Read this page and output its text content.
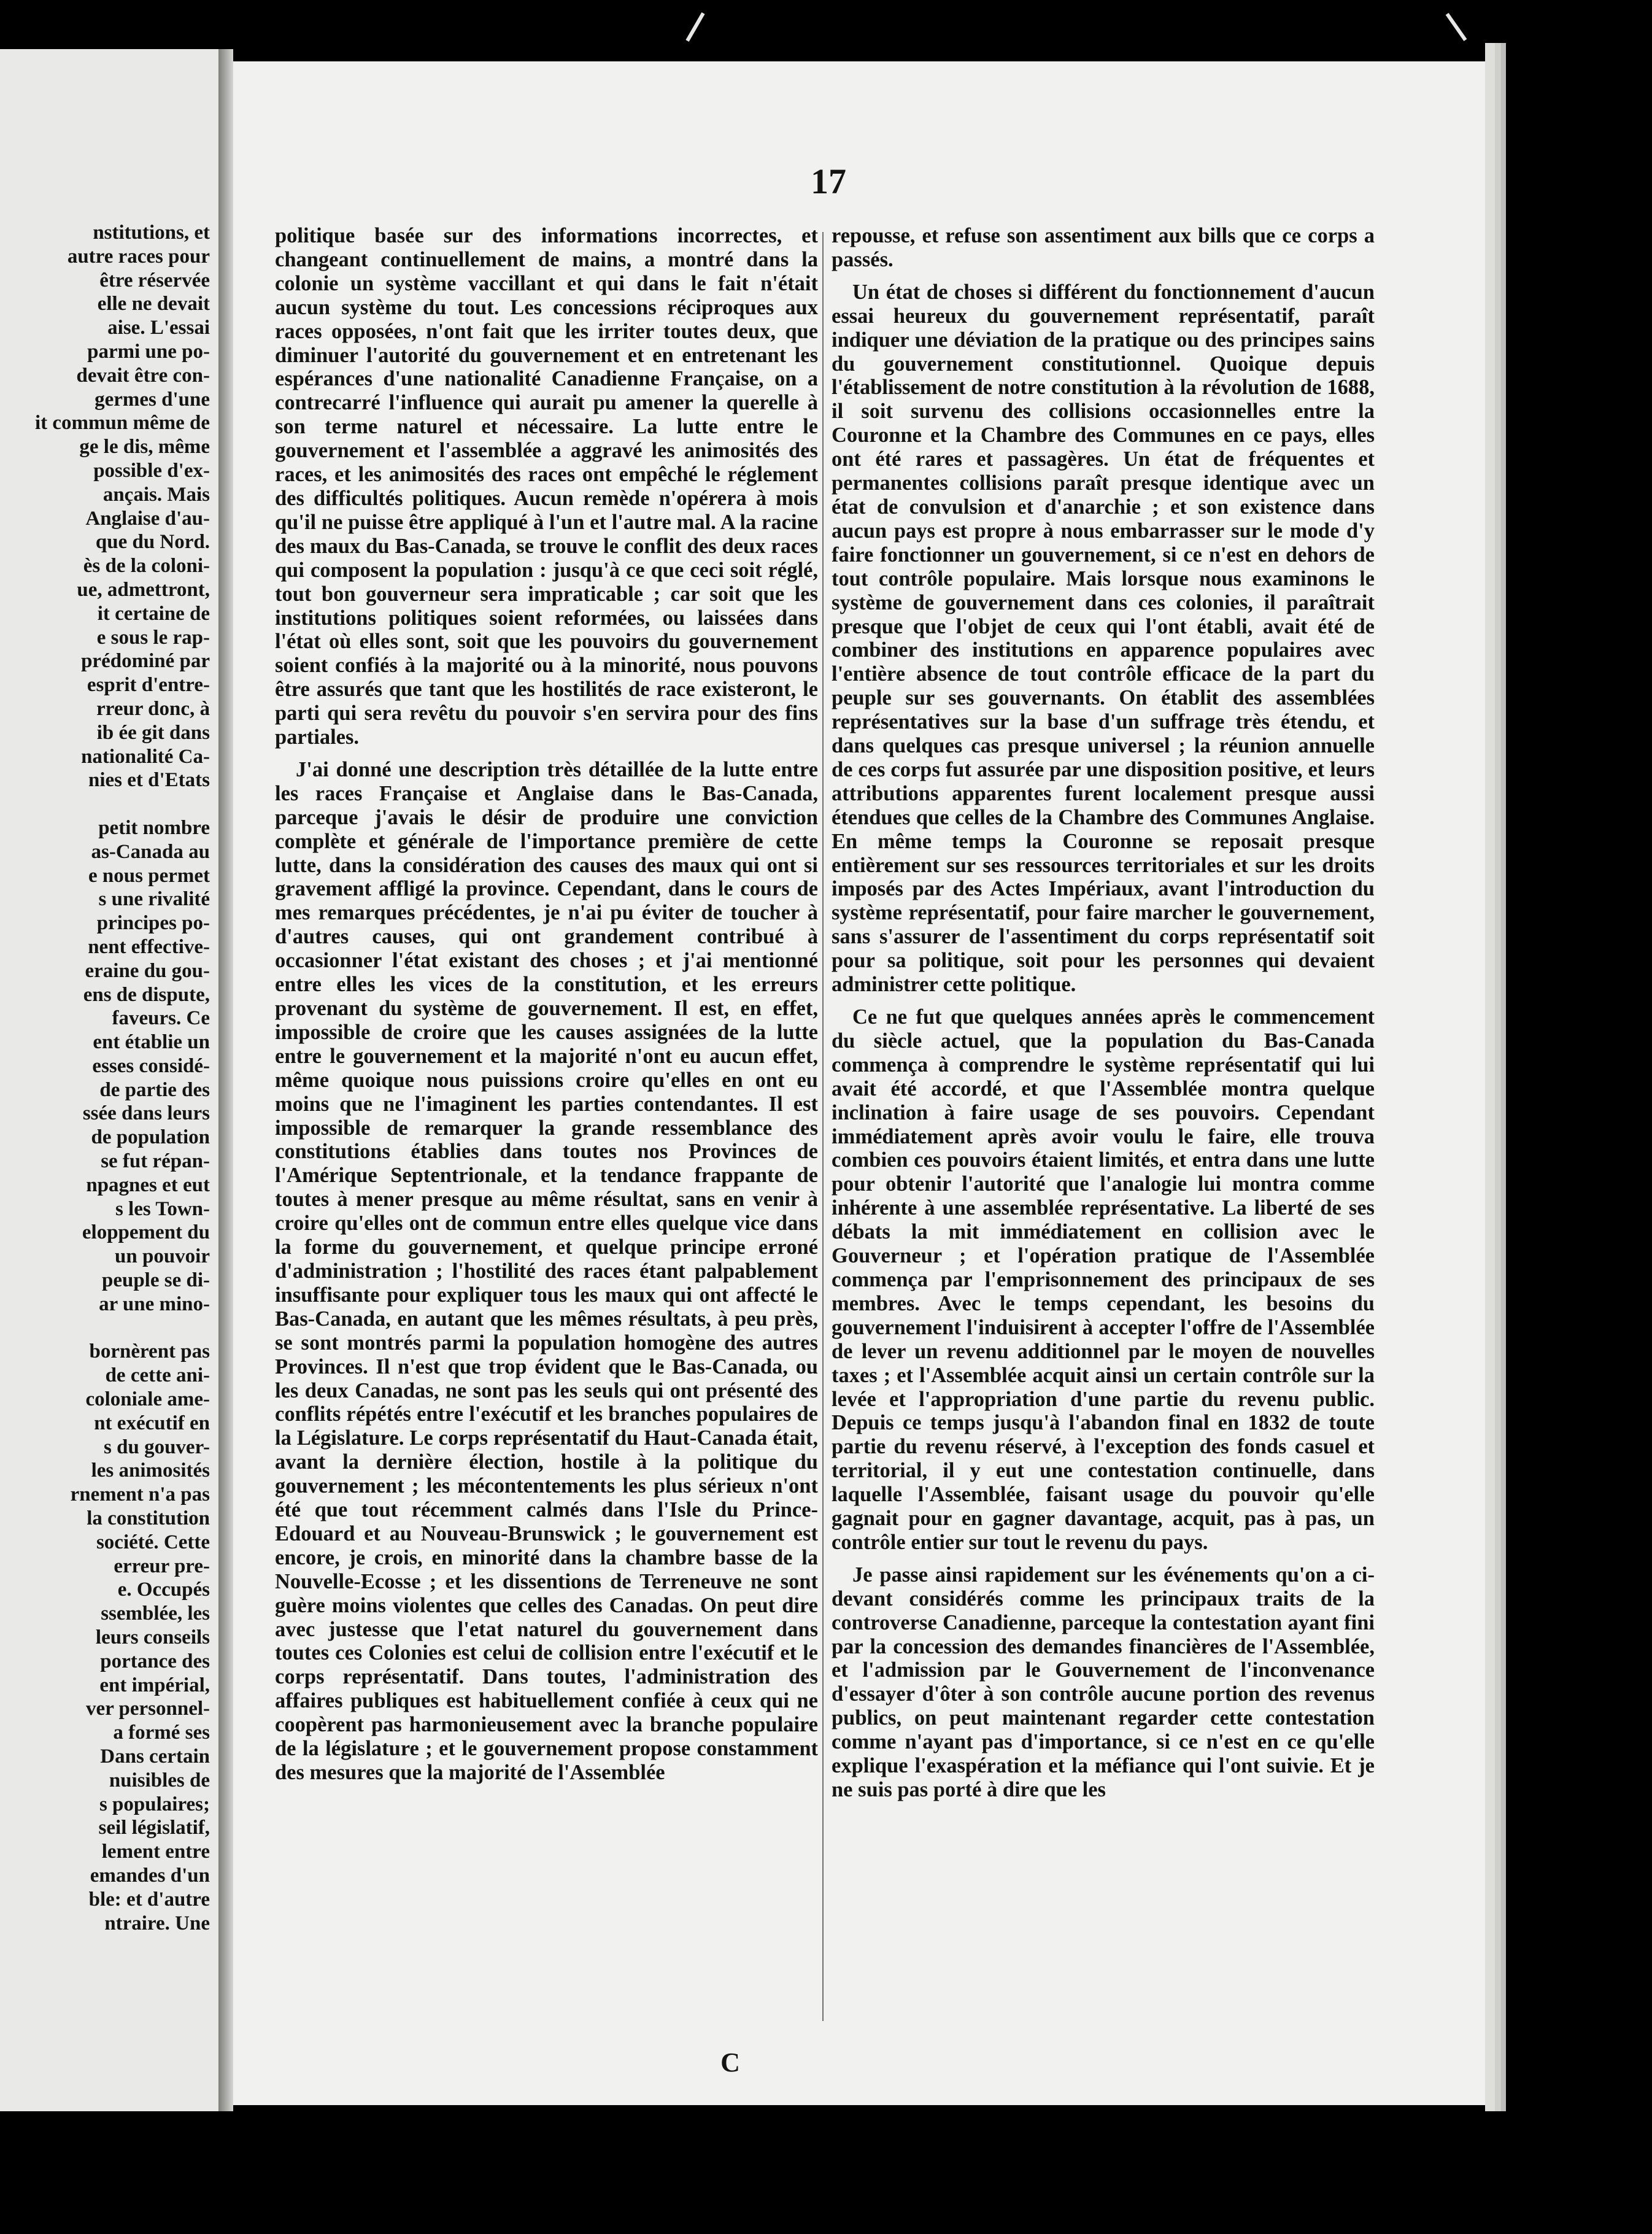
nstitutions, et
autre races pour
être réservée
elle ne devait
aise. L'essai
parmi une po-
devait être con-
germes d'une
it commun même de
ge le dis, même
possible d'ex-
ançais. Mais
Anglaise d'au-
que du Nord.
ès de la coloni-
ue, admettront,
it certaine de
e sous le rap-
prédominé par
esprit d'entre-
rreur donc, à
ib ée git dans
nationalité Ca-
nies et d'Etats

petit nombre
as-Canada au
e nous permet
s une rivalité
principes po-
nent effective-
eraine du gou-
ens de dispute,
faveurs. Ce
ent établie un
esses considé-
de partie des
ssée dans leurs
de population
se fut répan-
npagnes et eut
s les Town-
eloppement du
un pouvoir
peuple se di-
ar une mino-

bornèrent pas
de cette ani-
coloniale ame-
nt exécutif en
s du gouver-
les animosités
rnement n'a pas
la constitution
société. Cette
erreur pre-
e. Occupés
ssemblée, les
leurs conseils
portance des
ent impérial,
ver personnel-
a formé ses
Dans certain
nuisibles de
s populaires;
seil législatif,
lement entre
emandes d'un
ble: et d'autre
ntraire. Une
17

politique basée sur des informations incorrectes, et changeant continuellement de mains, a montré dans la colonie un système vaccillant et qui dans le fait n'était aucun système du tout. Les concessions réciproques aux races opposées, n'ont fait que les irriter toutes deux, que diminuer l'autorité du gouvernement et en entretenant les espérances d'une nationalité Canadienne Française, on a contrecarré l'influence qui aurait pu amener la querelle à son terme naturel et nécessaire. La lutte entre le gouvernement et l'assemblée a aggravé les animosités des races, et les animosités des races ont empêché le réglement des difficultés politiques. Aucun remède n'opérera à mois qu'il ne puisse être appliqué à l'un et l'autre mal. A la racine des maux du Bas-Canada, se trouve le conflit des deux races qui composent la population : jusqu'à ce que ceci soit réglé, tout bon gouverneur sera impraticable ; car soit que les institutions politiques soient reformées, ou laissées dans l'état où elles sont, soit que les pouvoirs du gouvernement soient confiés à la majorité ou à la minorité, nous pouvons être assurés que tant que les hostilités de race existeront, le parti qui sera revêtu du pouvoir s'en servira pour des fins partiales.

J'ai donné une description très détaillée de la lutte entre les races Française et Anglaise dans le Bas-Canada, parceque j'avais le désir de produire une conviction complète et générale de l'importance première de cette lutte, dans la considération des causes des maux qui ont si gravement affligé la province. Cependant, dans le cours de mes remarques précédentes, je n'ai pu éviter de toucher à d'autres causes, qui ont grandement contribué à occasionner l'état existant des choses ; et j'ai mentionné entre elles les vices de la constitution, et les erreurs provenant du système de gouvernement. Il est, en effet, impossible de croire que les causes assignées de la lutte entre le gouvernement et la majorité n'ont eu aucun effet, même quoique nous puissions croire qu'elles en ont eu moins que ne l'imaginent les parties contendantes. Il est impossible de remarquer la grande ressemblance des constitutions établies dans toutes nos Provinces de l'Amérique Septentrionale, et la tendance frappante de toutes à mener presque au même résultat, sans en venir à croire qu'elles ont de commun entre elles quelque vice dans la forme du gouvernement, et quelque principe erroné d'administration ; l'hostilité des races étant palpablement insuffisante pour expliquer tous les maux qui ont affecté le Bas-Canada, en autant que les mêmes résultats, à peu près, se sont montrés parmi la population homogène des autres Provinces. Il n'est que trop évident que le Bas-Canada, ou les deux Canadas, ne sont pas les seuls qui ont présenté des conflits répétés entre l'exécutif et les branches populaires de la Législature. Le corps représentatif du Haut-Canada était, avant la dernière élection, hostile à la politique du gouvernement ; les mécontentements les plus sérieux n'ont été que tout récemment calmés dans l'Isle du Prince-Edouard et au Nouveau-Brunswick ; le gouvernement est encore, je crois, en minorité dans la chambre basse de la Nouvelle-Ecosse ; et les dissentions de Terreneuve ne sont guère moins violentes que celles des Canadas. On peut dire avec justesse que l'etat naturel du gouvernement dans toutes ces Colonies est celui de collision entre l'exécutif et le corps représentatif. Dans toutes, l'administration des affaires publiques est habituellement confiée à ceux qui ne coopèrent pas harmonieusement avec la branche populaire de la législature ; et le gouvernement propose constamment des mesures que la majorité de l'Assemblée

repousse, et refuse son assentiment aux bills que ce corps a passés.

Un état de choses si différent du fonctionnement d'aucun essai heureux du gouvernement représentatif, paraît indiquer une déviation de la pratique ou des principes sains du gouvernement constitutionnel. Quoique depuis l'établissement de notre constitution à la révolution de 1688, il soit survenu des collisions occasionnelles entre la Couronne et la Chambre des Communes en ce pays, elles ont été rares et passagères. Un état de fréquentes et permanentes collisions paraît presque identique avec un état de convulsion et d'anarchie ; et son existence dans aucun pays est propre à nous embarrasser sur le mode d'y faire fonctionner un gouvernement, si ce n'est en dehors de tout contrôle populaire. Mais lorsque nous examinons le système de gouvernement dans ces colonies, il paraîtrait presque que l'objet de ceux qui l'ont établi, avait été de combiner des institutions en apparence populaires avec l'entière absence de tout contrôle efficace de la part du peuple sur ses gouvernants. On établit des assemblées représentatives sur la base d'un suffrage très étendu, et dans quelques cas presque universel ; la réunion annuelle de ces corps fut assurée par une disposition positive, et leurs attributions apparentes furent localement presque aussi étendues que celles de la Chambre des Communes Anglaise. En même temps la Couronne se reposait presque entièrement sur ses ressources territoriales et sur les droits imposés par des Actes Impériaux, avant l'introduction du système représentatif, pour faire marcher le gouvernement, sans s'assurer de l'assentiment du corps représentatif soit pour sa politique, soit pour les personnes qui devaient administrer cette politique.

Ce ne fut que quelques années après le commencement du siècle actuel, que la population du Bas-Canada commença à comprendre le système représentatif qui lui avait été accordé, et que l'Assemblée montra quelque inclination à faire usage de ses pouvoirs. Cependant immédiatement après avoir voulu le faire, elle trouva combien ces pouvoirs étaient limités, et entra dans une lutte pour obtenir l'autorité que l'analogie lui montra comme inhérente à une assemblée représentative. La liberté de ses débats la mit immédiatement en collision avec le Gouverneur ; et l'opération pratique de l'Assemblée commença par l'emprisonnement des principaux de ses membres. Avec le temps cependant, les besoins du gouvernement l'induisirent à accepter l'offre de l'Assemblée de lever un revenu additionnel par le moyen de nouvelles taxes ; et l'Assemblée acquit ainsi un certain contrôle sur la levée et l'appropriation d'une partie du revenu public. Depuis ce temps jusqu'à l'abandon final en 1832 de toute partie du revenu réservé, à l'exception des fonds casuel et territorial, il y eut une contestation continuelle, dans laquelle l'Assemblée, faisant usage du pouvoir qu'elle gagnait pour en gagner davantage, acquit, pas à pas, un contrôle entier sur tout le revenu du pays.

Je passe ainsi rapidement sur les événements qu'on a ci-devant considérés comme les principaux traits de la controverse Canadienne, parceque la contestation ayant fini par la concession des demandes financières de l'Assemblée, et l'admission par le Gouvernement de l'inconvenance d'essayer d'ôter à son contrôle aucune portion des revenus publics, on peut maintenant regarder cette contestation comme n'ayant pas d'importance, si ce n'est en ce qu'elle explique l'exaspération et la méfiance qui l'ont suivie. Et je ne suis pas porté à dire que les

C
